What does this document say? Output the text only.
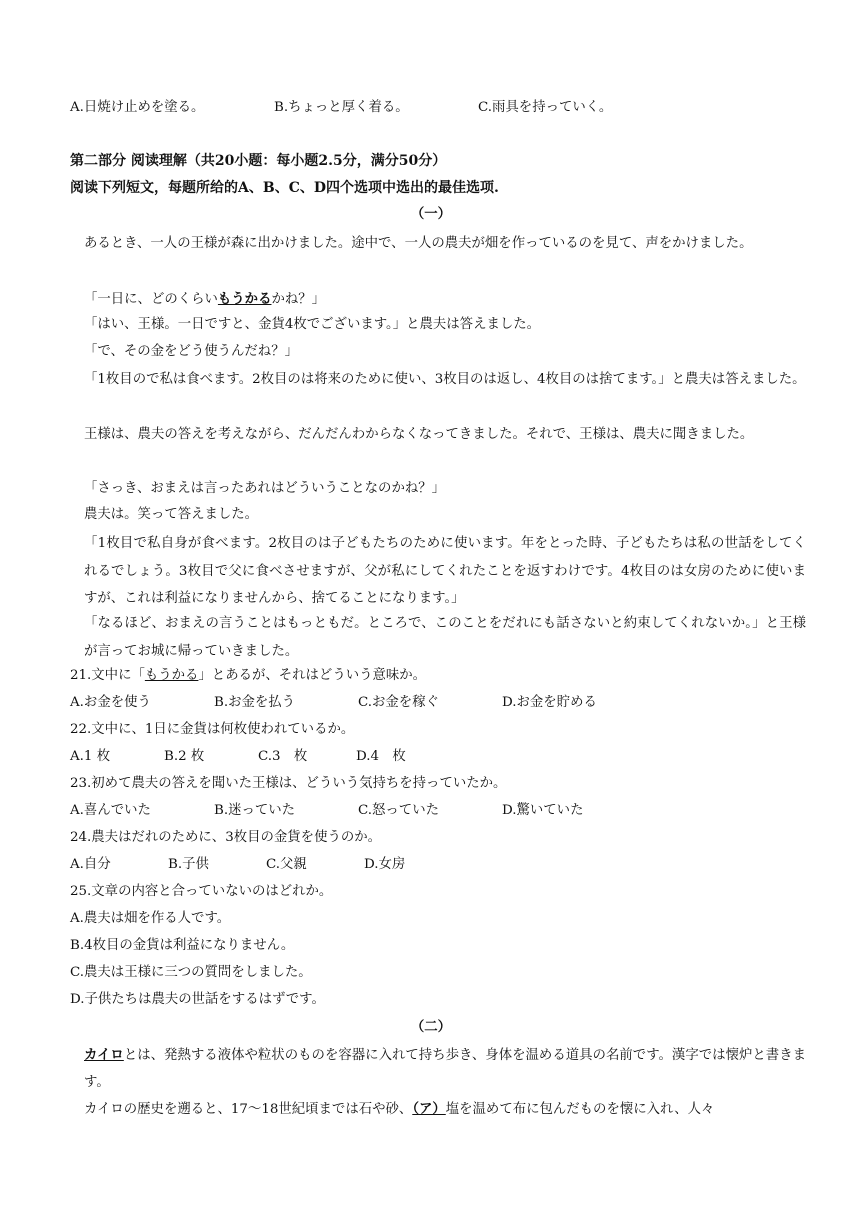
A.日焼け止めを塗る。	B.ちょっと厚く着る。	C.雨具を持っていく。
第二部分 阅读理解（共20小题：每小题2.5分，满分50分）
阅读下列短文，每题所给的A、B、C、D四个选项中选出的最佳选项.
（一）
あるとき、一人の王様が森に出かけました。途中で、一人の農夫が畑を作っているのを見て、声をかけました。
「一日に、どのくらいもうかるかね？」
「はい、王様。一日ですと、金貨4枚でございます。」と農夫は答えました。
「で、その金をどう使うんだね？」
「1枚目ので私は食べます。2枚目のは将来のために使い、3枚目のは返し、4枚目のは捨てます。」と農夫は答えました。
王様は、農夫の答えを考えながら、だんだんわからなくなってきました。それで、王様は、農夫に聞きました。
「さっき、おまえは言ったあれはどういうことなのかね？」
農夫は。笑って答えました。
「1枚目で私自身が食べます。2枚目のは子どもたちのために使います。年をとった時、子どもたちは私の世話をしてくれるでしょう。3枚目で父に食べさせますが、父が私にしてくれたことを返すわけです。4枚目のは女房のために使いますが、これは利益になりませんから、捨てることになります。」
「なるほど、おまえの言うことはもっともだ。ところで、このことをだれにも話さないと約束してくれないか。」と王様が言ってお城に帰っていきました。
21.文中に「もうかる」とあるが、それはどういう意味か。
A.お金を使う	B.お金を払う	C.お金を稼ぐ	D.お金を貯める
22.文中に、1日に金貨は何枚使われているか。
A.1 枚	B.2 枚	C.3　枚	D.4　枚
23.初めて農夫の答えを聞いた王様は、どういう気持ちを持っていたか。
A.喜んでいた	B.迷っていた	C.怒っていた	D.驚いていた
24.農夫はだれのために、3枚目の金貨を使うのか。
A.自分	B.子供	C.父親	D.女房
25.文章の内容と合っていないのはどれか。
A.農夫は畑を作る人です。
B.4枚目の金貨は利益になりません。
C.農夫は王様に三つの質問をしました。
D.子供たちは農夫の世話をするはずです。
（二）
カイロとは、発熱する液体や粒状のものを容器に入れて持ち歩き、身体を温める道具の名前です。漢字では懐炉と書きます。
カイロの歴史を遡ると、17〜18世紀頃までは石や砂、（ア）塩を温めて布に包んだものを懐に入れ、人々
